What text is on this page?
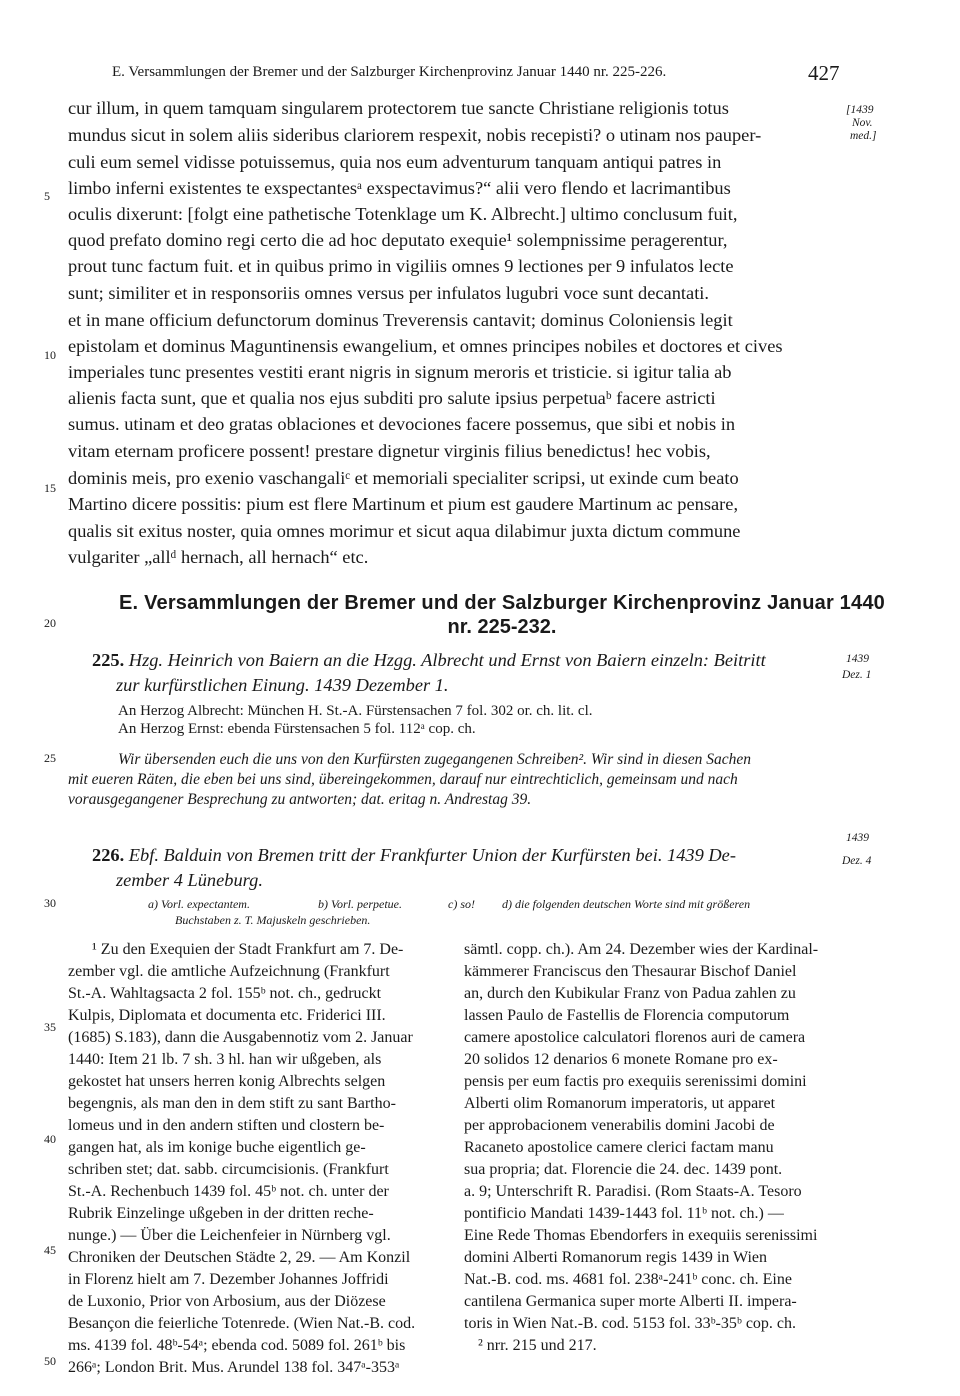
E. Versammlungen der Bremer und der Salzburger Kirchenprovinz Januar 1440 nr. 225-226.	427
[1439
Nov.
med.]
5
10
15
20
25
30
35
40
45
50
cur illum, in quem tamquam singularem protectorem tue sancte Christiane religionis totus
mundus sicut in solem aliis sideribus clariorem respexit, nobis recepisti? o utinam nos pauper-
culi eum semel vidisse potuissemus, quia nos eum adventurum tanquam antiqui patres in
limbo inferni existentes te exspectantesᵃ exspectavimus?“ alii vero flendo et lacrimantibus
oculis dixerunt: [folgt eine pathetische Totenklage um K. Albrecht.] ultimo conclusum fuit,
quod prefato domino regi certo die ad hoc deputato exequie¹ solempnissime peragerentur,
prout tunc factum fuit. et in quibus primo in vigiliis omnes 9 lectiones per 9 infulatos lecte
sunt; similiter et in responsoriis omnes versus per infulatos lugubri voce sunt decantati.
et in mane officium defunctorum dominus Treverensis cantavit; dominus Coloniensis legit
epistolam et dominus Maguntinensis ewangelium, et omnes principes nobiles et doctores et cives
imperiales tunc presentes vestiti erant nigris in signum meroris et tristicie. si igitur talia ab
alienis facta sunt, que et qualia nos ejus subditi pro salute ipsius perpetuaᵇ facere astricti
sumus. utinam et deo gratas oblaciones et devociones facere possemus, que sibi et nobis in
vitam eternam proficere possent! prestare dignetur virginis filius benedictus! hec vobis,
dominis meis, pro exenio vaschangaliᶜ et memoriali specialiter scripsi, ut exinde cum beato
Martino dicere possitis: pium est flere Martinum et pium est gaudere Martinum ac pensare,
qualis sit exitus noster, quia omnes morimur et sicut aqua dilabimur juxta dictum commune
vulgariter „allᵈ hernach, all hernach“ etc.
E. Versammlungen der Bremer und der Salzburger Kirchenprovinz Januar 1440
nr. 225-232.
225. Hzg. Heinrich von Baiern an die Hzgg. Albrecht und Ernst von Baiern einzeln: Beitritt
zur kurfürstlichen Einung. 1439 Dezember 1.
1439
Dez. 1
An Herzog Albrecht: München H. St.-A. Fürstensachen 7 fol. 302 or. ch. lit. cl.
An Herzog Ernst: ebenda Fürstensachen 5 fol. 112ᵃ cop. ch.
Wir übersenden euch die uns von den Kurfürsten zugegangenen Schreiben². Wir sind in diesen Sachen
mit eueren Räten, die eben bei uns sind, übereingekommen, darauf nur eintrechticlich, gemeinsam und nach
vorausgegangener Besprechung zu antworten; dat. eritag n. Andrestag 39.
226. Ebf. Balduin von Bremen tritt der Frankfurter Union der Kurfürsten bei. 1439 De-
zember 4 Lüneburg.
1439
Dez. 4
a) Vorl. expectantem.
Buchstaben z. T. Majuskeln geschrieben.
b) Vorl. perpetue.	c) so! d) die folgenden deutschen Worte sind mit größeren
¹ Zu den Exequien der Stadt Frankfurt am 7. De-
zember vgl. die amtliche Aufzeichnung (Frankfurt
St.-A. Wahltagsacta 2 fol. 155ᵇ not. ch., gedruckt
Kulpis, Diplomata et documenta etc. Friderici III.
(1685) S.183), dann die Ausgabennotiz vom 2. Januar
1440: Item 21 lb. 7 sh. 3 hl. han wir ußgeben, als
gekostet hat unsers herren konig Albrechts selgen
begengnis, als man den in dem stift zu sant Bartho-
lomeus und in den andern stiften und clostern be-
gangen hat, als im konige buche eigentlich ge-
schriben stet; dat. sabb. circumcisionis. (Frankfurt
St.-A. Rechenbuch 1439 fol. 45ᵇ not. ch. unter der
Rubrik Einzelinge ußgeben in der dritten reche-
nunge.) — Über die Leichenfeier in Nürnberg vgl.
Chroniken der Deutschen Städte 2, 29. — Am Konzil
in Florenz hielt am 7. Dezember Johannes Joffridi
de Luxonio, Prior von Arbosium, aus der Diözese
Besançon die feierliche Totenrede. (Wien Nat.-B. cod.
ms. 4139 fol. 48ᵇ-54ᵃ; ebenda cod. 5089 fol. 261ᵇ bis
266ᵃ; London Brit. Mus. Arundel 138 fol. 347ᵃ-353ᵃ
sämtl. copp. ch.). Am 24. Dezember wies der Kardinal-
kämmerer Franciscus den Thesaurar Bischof Daniel
an, durch den Kubikular Franz von Padua zahlen zu
lassen Paulo de Fastellis de Florencia computorum
camere apostolice calculatori florenos auri de camera
20 solidos 12 denarios 6 monete Romane pro ex-
pensis per eum factis pro exequiis serenissimi domini
Alberti olim Romanorum imperatoris, ut apparet
per approbacionem venerabilis domini Jacobi de
Racaneto apostolice camere clerici factam manu
sua propria; dat. Florencie die 24. dec. 1439 pont.
a. 9; Unterschrift R. Paradisi. (Rom Staats-A. Tesoro
pontificio Mandati 1439-1443 fol. 11ᵇ not. ch.) —
Eine Rede Thomas Ebendorfers in exequiis serenissimi
domini Alberti Romanorum regis 1439 in Wien
Nat.-B. cod. ms. 4681 fol. 238ᵃ-241ᵇ conc. ch. Eine
cantilena Germanica super morte Alberti II. impera-
toris in Wien Nat.-B. cod. 5153 fol. 33ᵇ-35ᵇ cop. ch.
² nrr. 215 und 217.
